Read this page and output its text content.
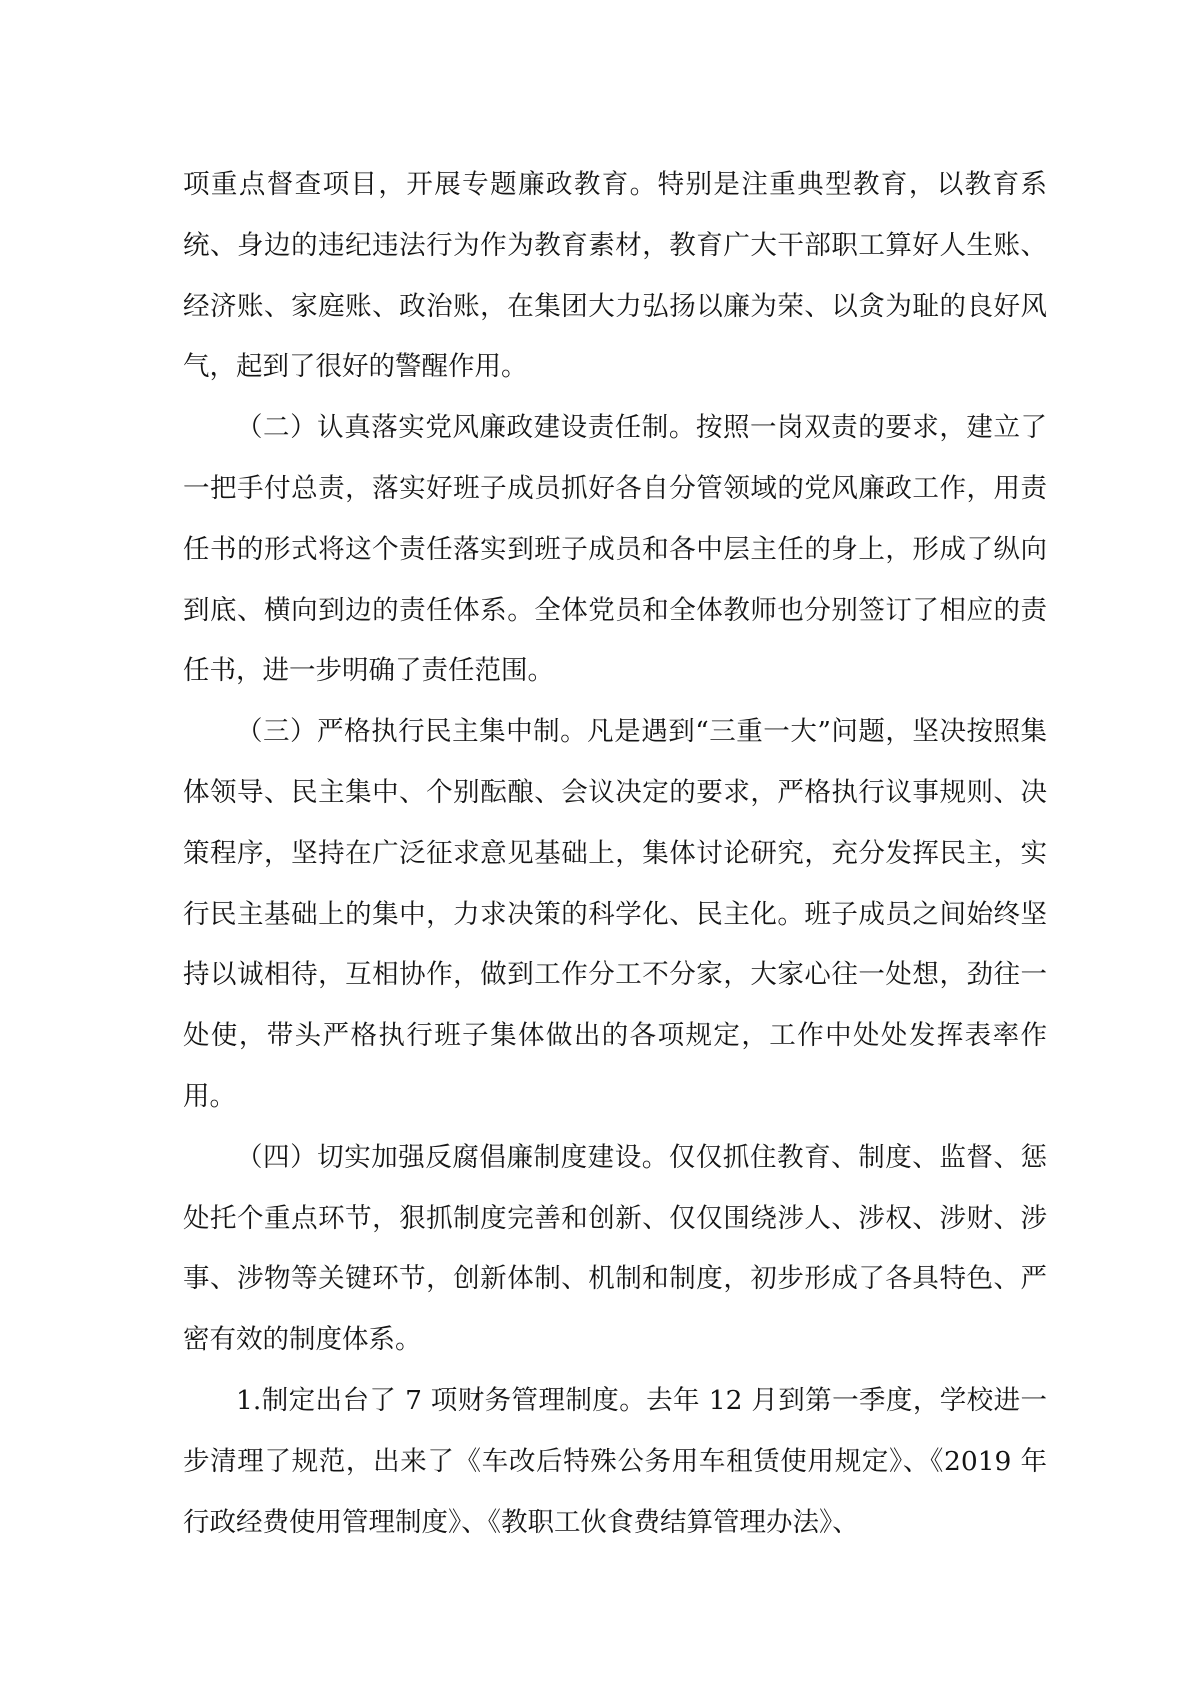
项重点督查项目，开展专题廉政教育。特别是注重典型教育，以教育系统、身边的违纪违法行为作为教育素材，教育广大干部职工算好人生账、经济账、家庭账、政治账，在集团大力弘扬以廉为荣、以贪为耻的良好风气，起到了很好的警醒作用。

（二）认真落实党风廉政建设责任制。按照一岗双责的要求，建立了一把手付总责，落实好班子成员抓好各自分管领域的党风廉政工作，用责任书的形式将这个责任落实到班子成员和各中层主任的身上，形成了纵向到底、横向到边的责任体系。全体党员和全体教师也分别签订了相应的责任书，进一步明确了责任范围。

（三）严格执行民主集中制。凡是遇到“三重一大”问题，坚决按照集体领导、民主集中、个别酝酿、会议决定的要求，严格执行议事规则、决策程序，坚持在广泛征求意见基础上，集体讨论研究，充分发挥民主，实行民主基础上的集中，力求决策的科学化、民主化。班子成员之间始终坚持以诚相待，互相协作，做到工作分工不分家，大家心往一处想，劲往一处使，带头严格执行班子集体做出的各项规定，工作中处处发挥表率作用。

（四）切实加强反腐倡廉制度建设。仅仅抓住教育、制度、监督、惩处托个重点环节，狠抓制度完善和创新、仅仅围绕涉人、涉权、涉财、涉事、涉物等关键环节，创新体制、机制和制度，初步形成了各具特色、严密有效的制度体系。

1.制定出台了 7 项财务管理制度。去年 12 月到第一季度，学校进一步清理了规范，出来了《车改后特殊公务用车租赁使用规定》、《2019 年行政经费使用管理制度》、《教职工伙食费结算管理办法》、
